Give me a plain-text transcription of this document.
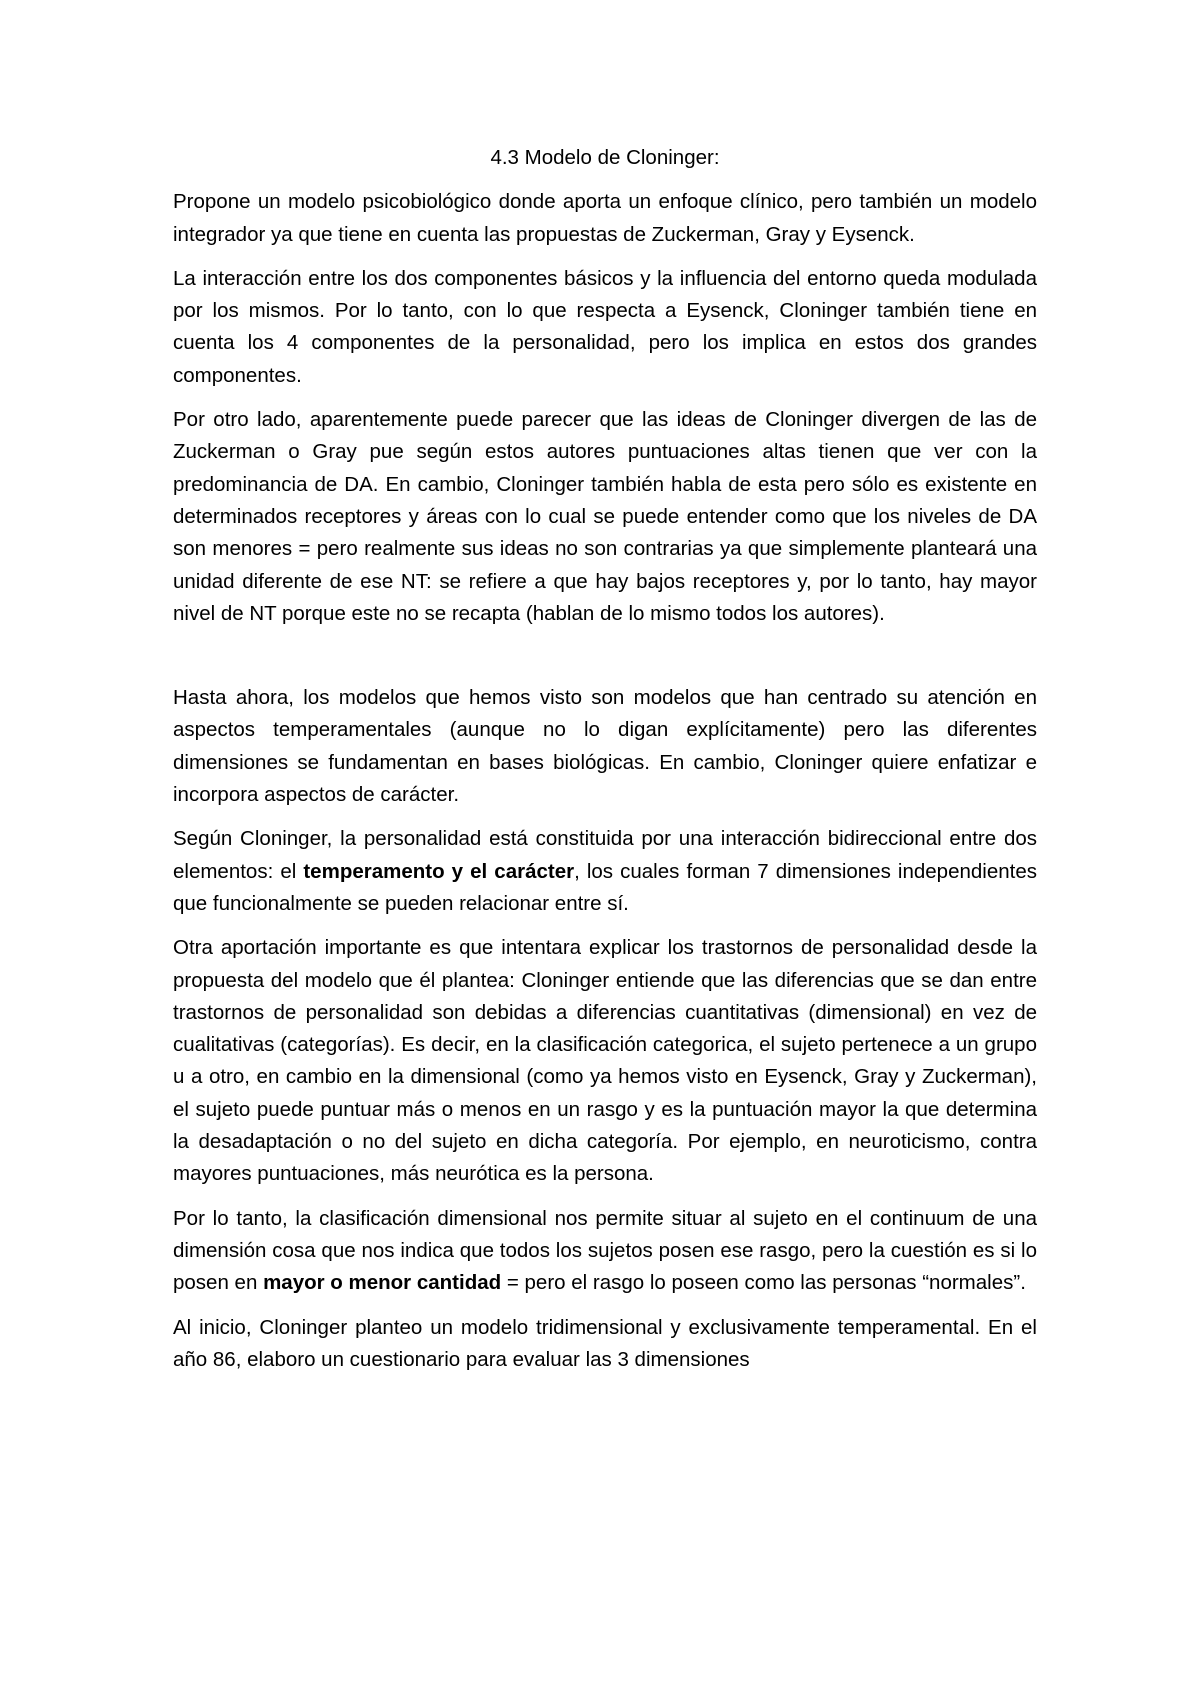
4.3 Modelo de Cloninger:

Propone un modelo psicobiológico donde aporta un enfoque clínico, pero también un modelo integrador ya que tiene en cuenta las propuestas de Zuckerman, Gray y Eysenck.

La interacción entre los dos componentes básicos y la influencia del entorno queda modulada por los mismos. Por lo tanto, con lo que respecta a Eysenck, Cloninger también tiene en cuenta los 4 componentes de la personalidad, pero los implica en estos dos grandes componentes.

Por otro lado, aparentemente puede parecer que las ideas de Cloninger divergen de las de Zuckerman o Gray pue según estos autores puntuaciones altas tienen que ver con la predominancia de DA. En cambio, Cloninger también habla de esta pero sólo es existente en determinados receptores y áreas con lo cual se puede entender como que los niveles de DA son menores = pero realmente sus ideas no son contrarias ya que simplemente planteará una unidad diferente de ese NT: se refiere a que hay bajos receptores y, por lo tanto, hay mayor nivel de NT porque este no se recapta (hablan de lo mismo todos los autores).

Hasta ahora, los modelos que hemos visto son modelos que han centrado su atención en aspectos temperamentales (aunque no lo digan explícitamente) pero las diferentes dimensiones se fundamentan en bases biológicas. En cambio, Cloninger quiere enfatizar e incorpora aspectos de carácter.

Según Cloninger, la personalidad está constituida por una interacción bidireccional entre dos elementos: el temperamento y el carácter, los cuales forman 7 dimensiones independientes que funcionalmente se pueden relacionar entre sí.

Otra aportación importante es que intentara explicar los trastornos de personalidad desde la propuesta del modelo que él plantea: Cloninger entiende que las diferencias que se dan entre trastornos de personalidad son debidas a diferencias cuantitativas (dimensional) en vez de cualitativas (categorías). Es decir, en la clasificación categorica, el sujeto pertenece a un grupo u a otro, en cambio en la dimensional (como ya hemos visto en Eysenck, Gray y Zuckerman), el sujeto puede puntuar más o menos en un rasgo y es la puntuación mayor la que determina la desadaptación o no del sujeto en dicha categoría. Por ejemplo, en neuroticismo, contra mayores puntuaciones, más neurótica es la persona.

Por lo tanto, la clasificación dimensional nos permite situar al sujeto en el continuum de una dimensión cosa que nos indica que todos los sujetos posen ese rasgo, pero la cuestión es si lo posen en mayor o menor cantidad = pero el rasgo lo poseen como las personas “normales”.

Al inicio, Cloninger planteo un modelo tridimensional y exclusivamente temperamental. En el año 86, elaboro un cuestionario para evaluar las 3 dimensiones
